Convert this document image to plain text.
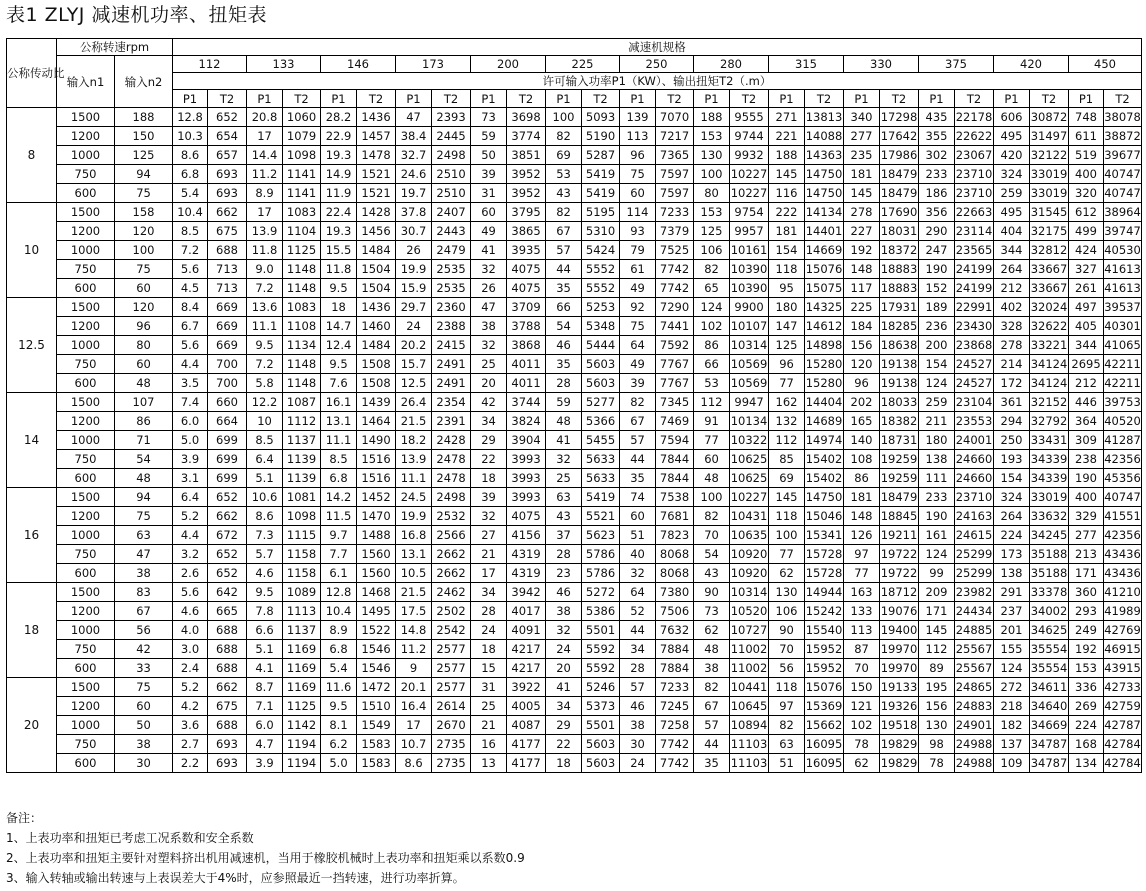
表1 ZLYJ 减速机功率、扭矩表
公称传动比	公称转速rpm		减速机规格																									
	输入n1	输入n2	112		133		146		173		200		225		250		280		315		330		375		420		450	
			许可输入功率P1（KW）、输出扭矩T2（.m）																									
			P1	T2	P1	T2	P1	T2	P1	T2	P1	T2	P1	T2	P1	T2	P1	T2	P1	T2	P1	T2	P1	T2	P1	T2	P1	T2
8	1500	188	12.8	652	20.8	1060	28.2	1436	47	2393	73	3698	100	5093	139	7070	188	9555	271	13813	340	17298	435	22178	606	30872	748	38078
	1200	150	10.3	654	17	1079	22.9	1457	38.4	2445	59	3774	82	5190	113	7217	153	9744	221	14088	277	17642	355	22622	495	31497	611	38872
	1000	125	8.6	657	14.4	1098	19.3	1478	32.7	2498	50	3851	69	5287	96	7365	130	9932	188	14363	235	17986	302	23067	420	32122	519	39677
	750	94	6.8	693	11.2	1141	14.9	1521	24.6	2510	39	3952	53	5419	75	7597	100	10227	145	14750	181	18479	233	23710	324	33019	400	40747
	600	75	5.4	693	8.9	1141	11.9	1521	19.7	2510	31	3952	43	5419	60	7597	80	10227	116	14750	145	18479	186	23710	259	33019	320	40747
10	1500	158	10.4	662	17	1083	22.4	1428	37.8	2407	60	3795	82	5195	114	7233	153	9754	222	14134	278	17690	356	22663	495	31545	612	38964
	1200	120	8.5	675	13.9	1104	19.3	1456	30.7	2443	49	3865	67	5310	93	7379	125	9957	181	14401	227	18031	290	23114	404	32175	499	39747
	1000	100	7.2	688	11.8	1125	15.5	1484	26	2479	41	3935	57	5424	79	7525	106	10161	154	14669	192	18372	247	23565	344	32812	424	40530
	750	75	5.6	713	9.0	1148	11.8	1504	19.9	2535	32	4075	44	5552	61	7742	82	10390	118	15076	148	18883	190	24199	264	33667	327	41613
	600	60	4.5	713	7.2	1148	9.5	1504	15.9	2535	26	4075	35	5552	49	7742	65	10390	95	15075	117	18883	152	24199	212	33667	261	41613
12.5	1500	120	8.4	669	13.6	1083	18	1436	29.7	2360	47	3709	66	5253	92	7290	124	9900	180	14325	225	17931	189	22991	402	32024	497	39537
	1200	96	6.7	669	11.1	1108	14.7	1460	24	2388	38	3788	54	5348	75	7441	102	10107	147	14612	184	18285	236	23430	328	32622	405	40301
	1000	80	5.6	669	9.5	1134	12.4	1484	20.2	2415	32	3868	46	5444	64	7592	86	10314	125	14898	156	18638	200	23868	278	33221	344	41065
	750	60	4.4	700	7.2	1148	9.5	1508	15.7	2491	25	4011	35	5603	49	7767	66	10569	96	15280	120	19138	154	24527	214	34124	2695	42211
	600	48	3.5	700	5.8	1148	7.6	1508	12.5	2491	20	4011	28	5603	39	7767	53	10569	77	15280	96	19138	124	24527	172	34124	212	42211
14	1500	107	7.4	660	12.2	1087	16.1	1439	26.4	2354	42	3744	59	5277	82	7345	112	9947	162	14404	202	18033	259	23104	361	32152	446	39753
	1200	86	6.0	664	10	1112	13.1	1464	21.5	2391	34	3824	48	5366	67	7469	91	10134	132	14689	165	18382	211	23553	294	32792	364	40520
	1000	71	5.0	699	8.5	1137	11.1	1490	18.2	2428	29	3904	41	5455	57	7594	77	10322	112	14974	140	18731	180	24001	250	33431	309	41287
	750	54	3.9	699	6.4	1139	8.5	1516	13.9	2478	22	3993	32	5633	44	7844	60	10625	85	15402	108	19259	138	24660	193	34339	238	42356
	600	48	3.1	699	5.1	1139	6.8	1516	11.1	2478	18	3993	25	5633	35	7844	48	10625	69	15402	86	19259	111	24660	154	34339	190	45356
16	1500	94	6.4	652	10.6	1081	14.2	1452	24.5	2498	39	3993	63	5419	74	7538	100	10227	145	14750	181	18479	233	23710	324	33019	400	40747
	1200	75	5.2	662	8.6	1098	11.5	1470	19.9	2532	32	4075	43	5521	60	7681	82	10431	118	15046	148	18845	190	24163	264	33632	329	41551
	1000	63	4.4	672	7.3	1115	9.7	1488	16.8	2566	27	4156	37	5623	51	7823	70	10635	100	15341	126	19211	161	24615	224	34245	277	42356
	750	47	3.2	652	5.7	1158	7.7	1560	13.1	2662	21	4319	28	5786	40	8068	54	10920	77	15728	97	19722	124	25299	173	35188	213	43436
	600	38	2.6	652	4.6	1158	6.1	1560	10.5	2662	17	4319	23	5786	32	8068	43	10920	62	15728	77	19722	99	25299	138	35188	171	43436
18	1500	83	5.6	642	9.5	1089	12.8	1468	21.5	2462	34	3942	46	5272	64	7380	90	10314	130	14944	163	18712	209	23982	291	33378	360	41210
	1200	67	4.6	665	7.8	1113	10.4	1495	17.5	2502	28	4017	38	5386	52	7506	73	10520	106	15242	133	19076	171	24434	237	34002	293	41989
	1000	56	4.0	688	6.6	1137	8.9	1522	14.8	2542	24	4091	32	5501	44	7632	62	10727	90	15540	113	19400	145	24885	201	34625	249	42769
	750	42	3.0	688	5.1	1169	6.8	1546	11.2	2577	18	4217	24	5592	34	7884	48	11002	70	15952	87	19970	112	25567	155	35554	192	46915
	600	33	2.4	688	4.1	1169	5.4	1546	9	2577	15	4217	20	5592	28	7884	38	11002	56	15952	70	19970	89	25567	124	35554	153	43915
20	1500	75	5.2	662	8.7	1169	11.6	1472	20.1	2577	31	3922	41	5246	57	7233	82	10441	118	15076	150	19133	195	24865	272	34611	336	42733
	1200	60	4.2	675	7.1	1125	9.5	1510	16.4	2614	25	4005	34	5373	46	7245	67	10645	97	15369	121	19326	156	24883	218	34640	269	42759
	1000	50	3.6	688	6.0	1142	8.1	1549	17	2670	21	4087	29	5501	38	7258	57	10894	82	15662	102	19518	130	24901	182	34669	224	42787
	750	38	2.7	693	4.7	1194	6.2	1583	10.7	2735	16	4177	22	5603	30	7742	44	11103	63	16095	78	19829	98	24988	137	34787	168	42784
	600	30	2.2	693	3.9	1194	5.0	1583	8.6	2735	13	4177	18	5603	24	7742	35	11103	51	16095	62	19829	78	24988	109	34787	134	42784
备注：
1、上表功率和扭矩已考虑工况系数和安全系数
2、上表功率和扭矩主要针对塑料挤出机用减速机，当用于橡胶机械时上表功率和扭矩乘以系数0.9
3、输入转轴或输出转速与上表误差大于4%时，应参照最近一挡转速，进行功率折算。
